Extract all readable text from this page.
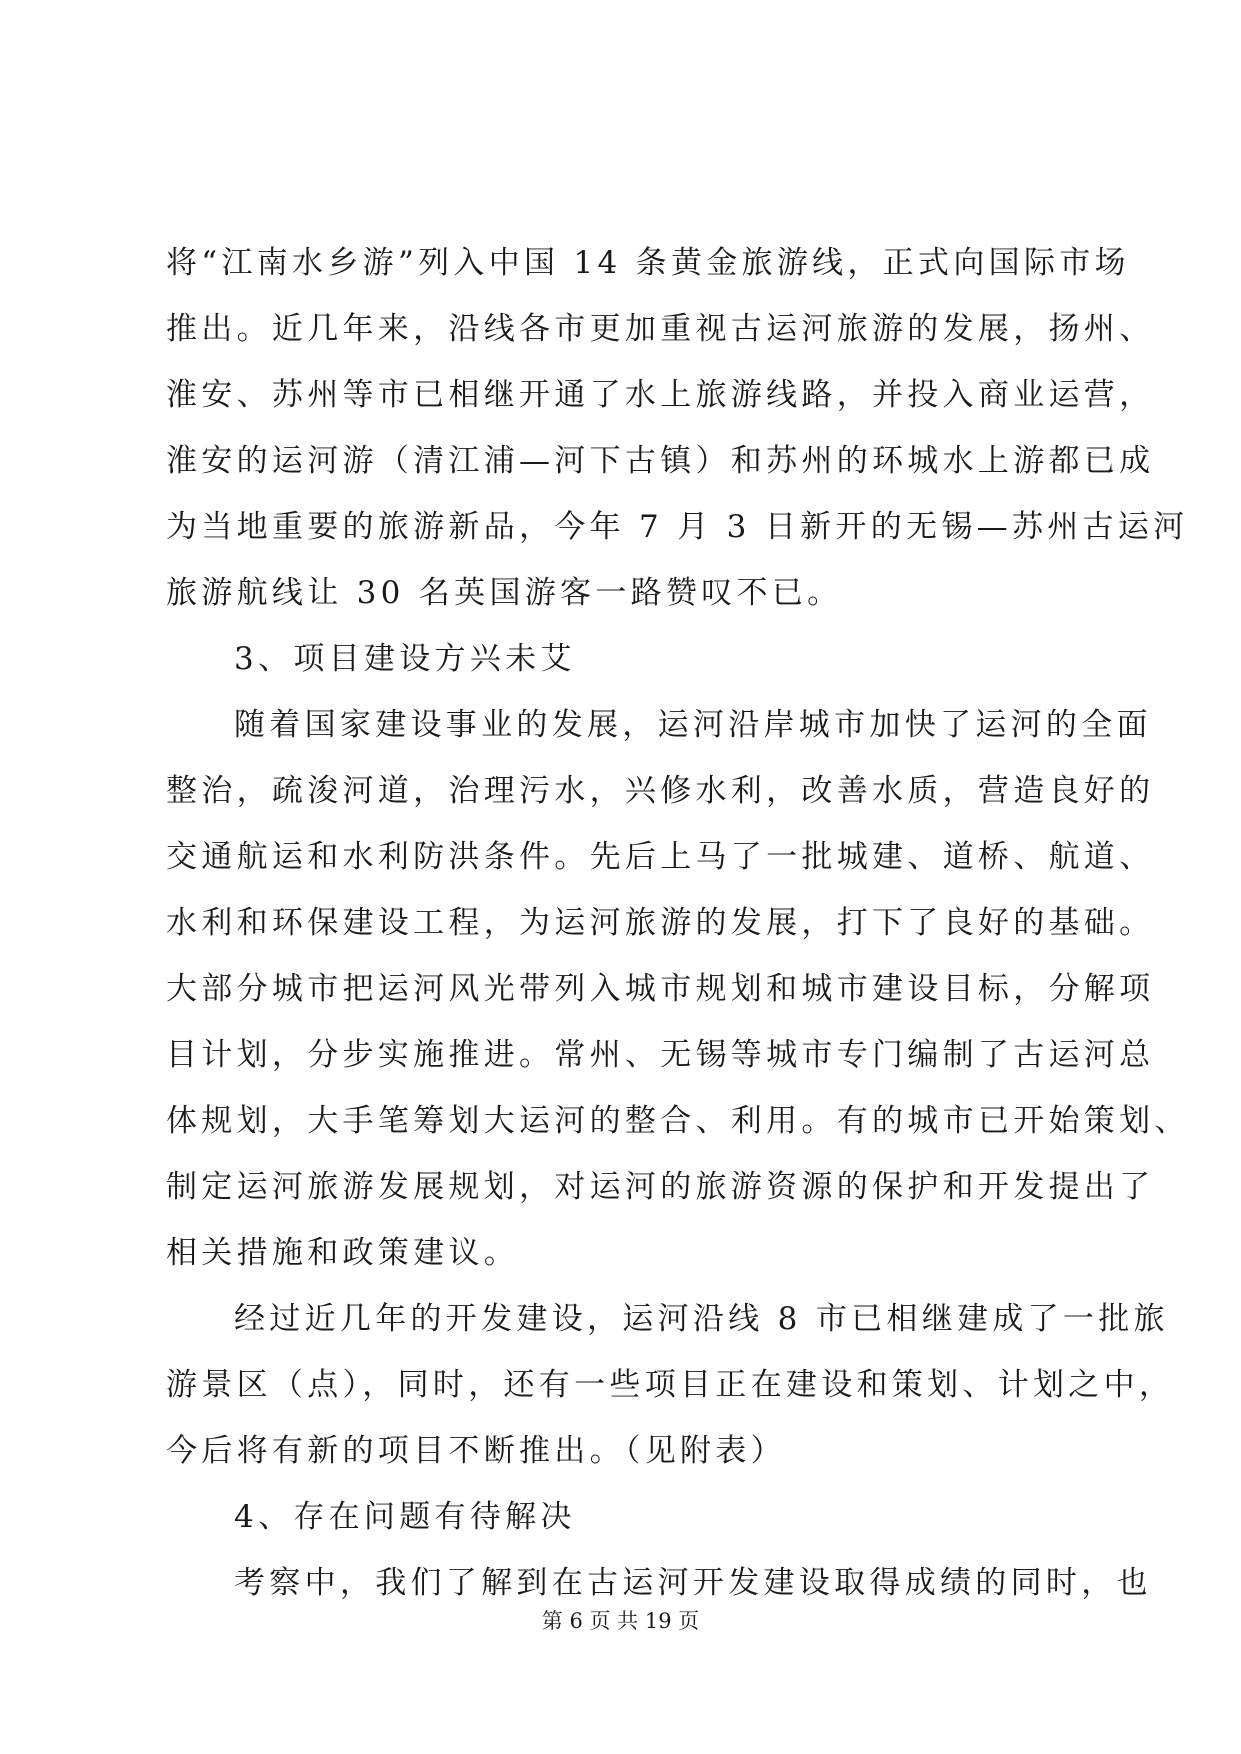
将“江南水乡游”列入中国 14 条黄金旅游线，正式向国际市场
推出。近几年来，沿线各市更加重视古运河旅游的发展，扬州、
淮安、苏州等市已相继开通了水上旅游线路，并投入商业运营，
淮安的运河游（清江浦—河下古镇）和苏州的环城水上游都已成
为当地重要的旅游新品，今年 7 月 3 日新开的无锡—苏州古运河
旅游航线让 30 名英国游客一路赞叹不已。
3、项目建设方兴未艾
随着国家建设事业的发展，运河沿岸城市加快了运河的全面
整治，疏浚河道，治理污水，兴修水利，改善水质，营造良好的
交通航运和水利防洪条件。先后上马了一批城建、道桥、航道、
水利和环保建设工程，为运河旅游的发展，打下了良好的基础。
大部分城市把运河风光带列入城市规划和城市建设目标，分解项
目计划，分步实施推进。常州、无锡等城市专门编制了古运河总
体规划，大手笔筹划大运河的整合、利用。有的城市已开始策划、
制定运河旅游发展规划，对运河的旅游资源的保护和开发提出了
相关措施和政策建议。
经过近几年的开发建设，运河沿线 8 市已相继建成了一批旅
游景区（点），同时，还有一些项目正在建设和策划、计划之中，
今后将有新的项目不断推出。（见附表）
4、存在问题有待解决
考察中，我们了解到在古运河开发建设取得成绩的同时，也
第 6 页 共 19 页
